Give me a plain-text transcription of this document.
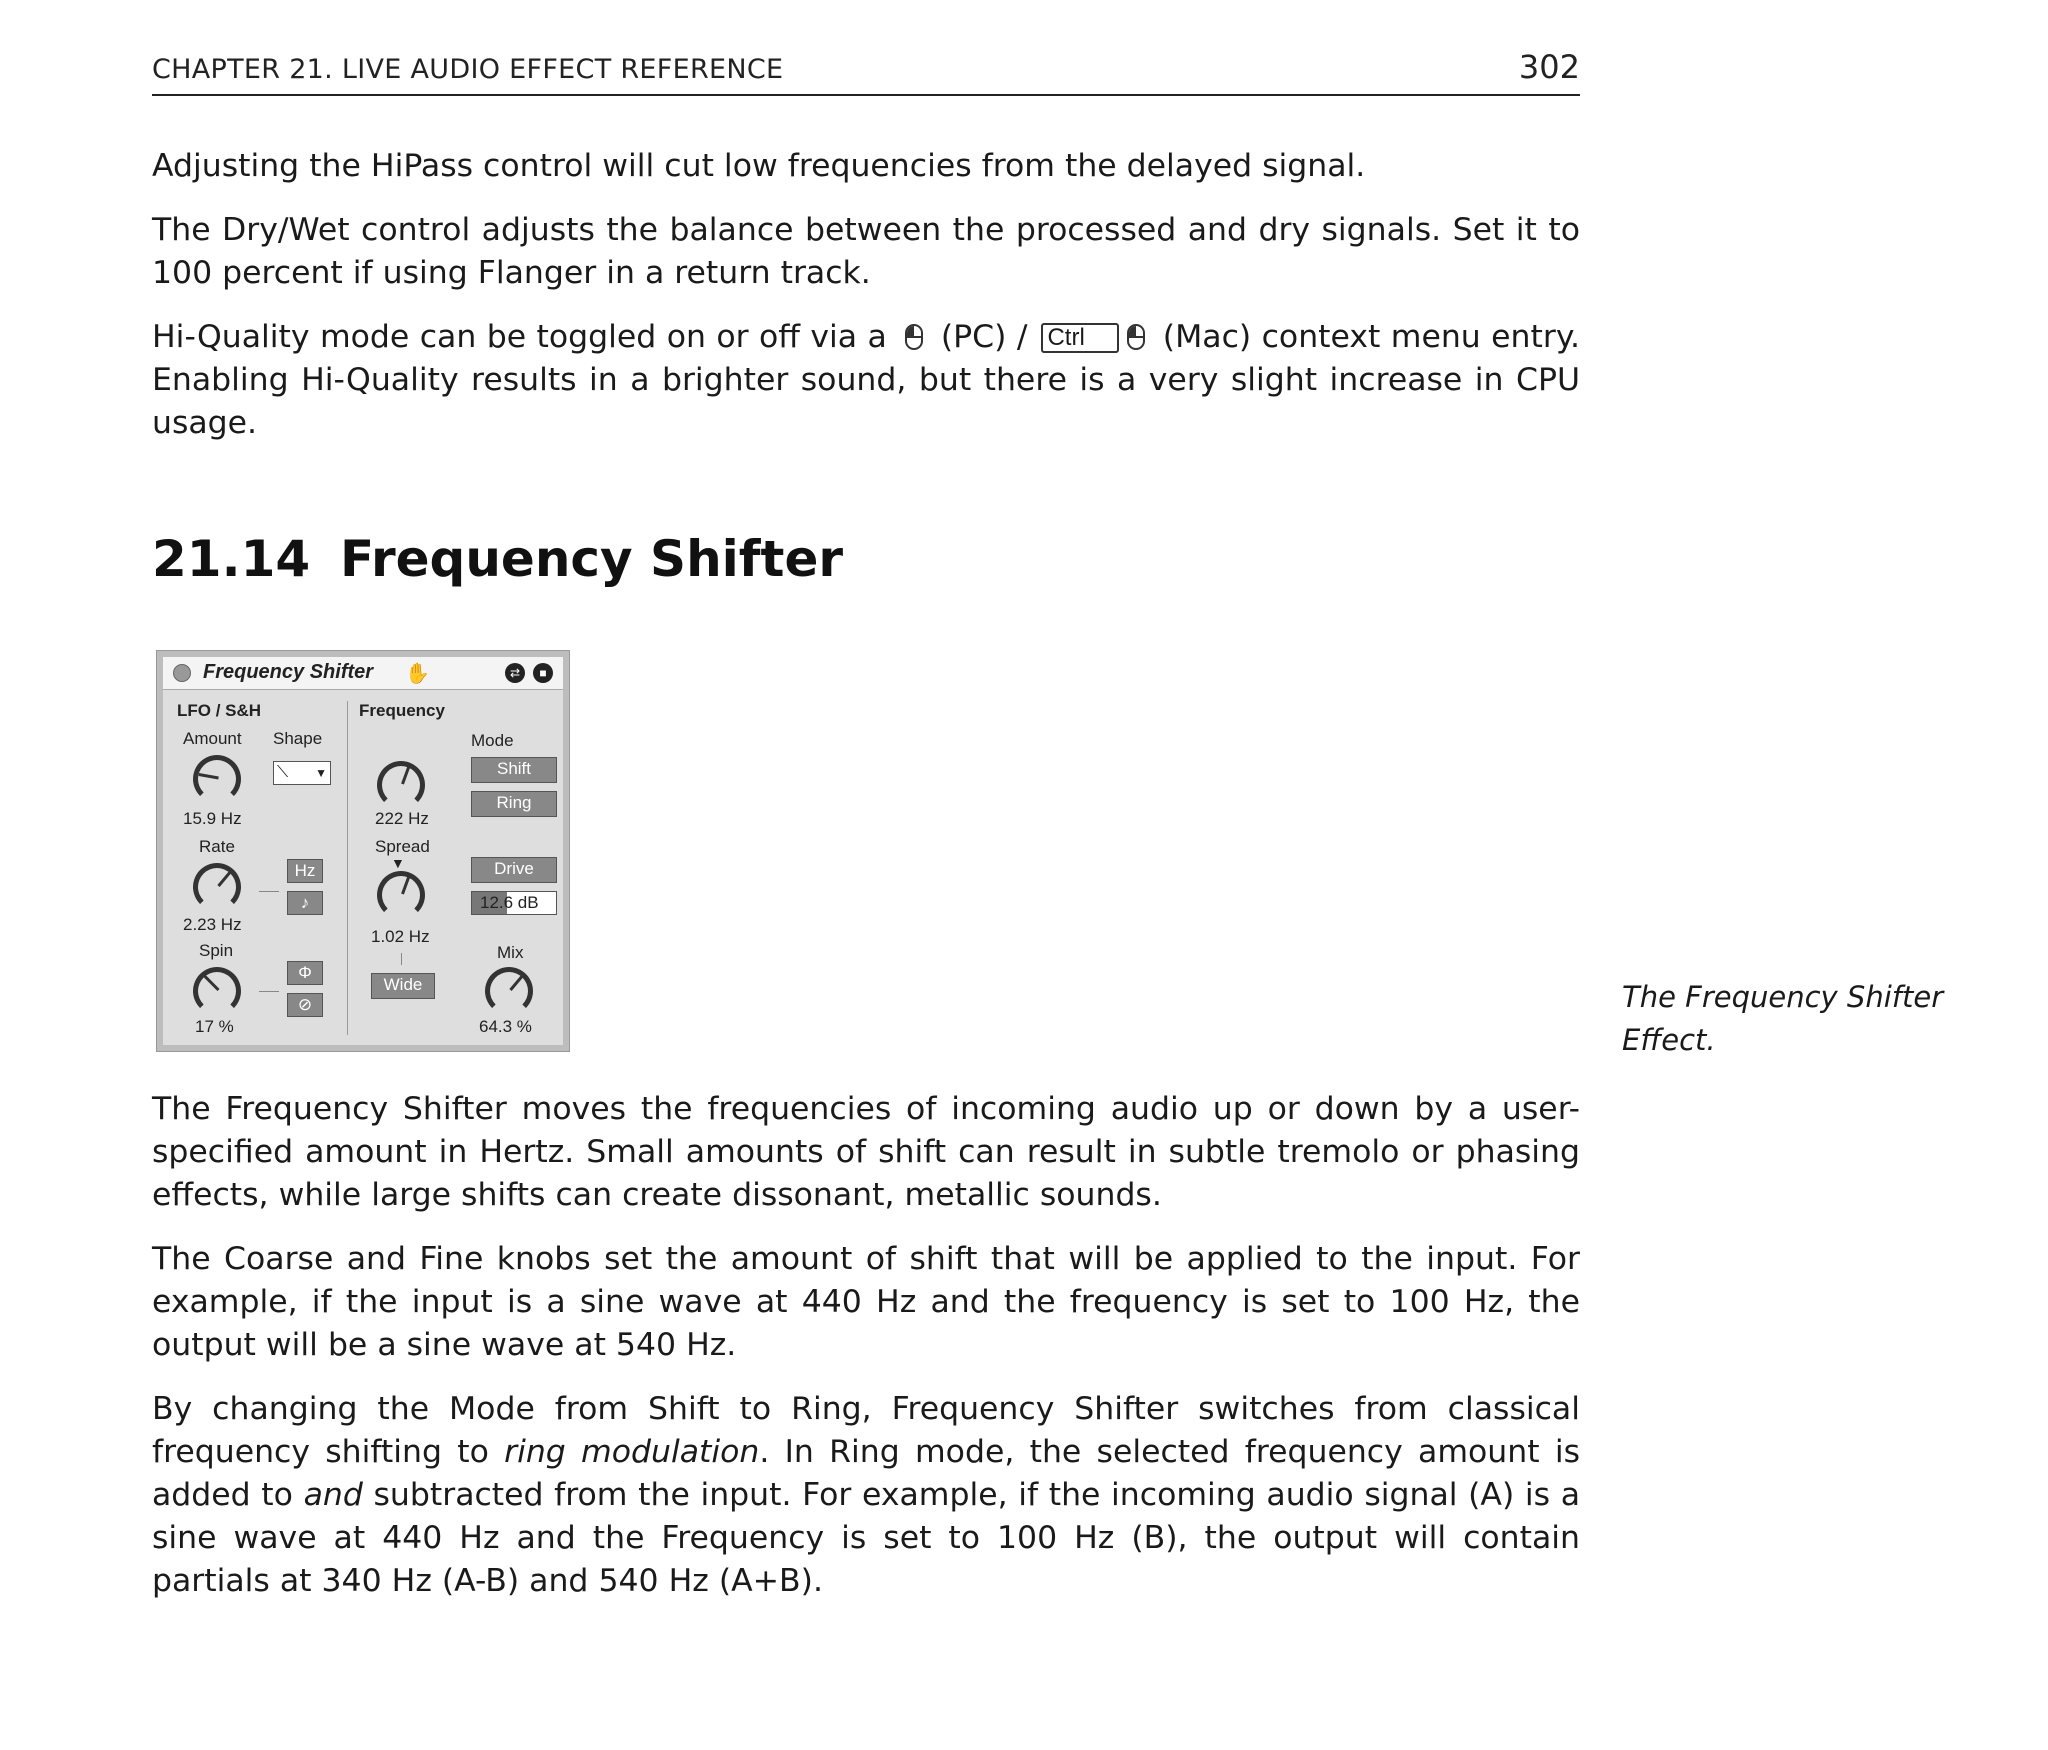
CHAPTER 21. LIVE AUDIO EFFECT REFERENCE	302

Adjusting the HiPass control will cut low frequencies from the delayed signal.

The Dry/Wet control adjusts the balance between the processed and dry signals. Set it to 100 percent if using Flanger in a return track.

Hi-Quality mode can be toggled on or off via a (PC) / Ctrl (Mac) context menu entry. Enabling Hi-Quality results in a brighter sound, but there is a very slight increase in CPU usage.

21.14 Frequency Shifter
Frequency Shifter ✋	⇄	■
LFO / S&H
Amount Shape
⟍ ▼
15.9 Hz
Rate
2.23 Hz
Hz
♪
Spin
17 %
Φ
⊘
Frequency
222 Hz
Spread
▼
1.02 Hz
Wide
Mode
Shift
Ring
Drive
12.6 dB
Mix
64.3 %
The Frequency Shifter Effect.

The Frequency Shifter moves the frequencies of incoming audio up or down by a user-specified amount in Hertz. Small amounts of shift can result in subtle tremolo or phasing effects, while large shifts can create dissonant, metallic sounds.

The Coarse and Fine knobs set the amount of shift that will be applied to the input. For example, if the input is a sine wave at 440 Hz and the frequency is set to 100 Hz, the output will be a sine wave at 540 Hz.

By changing the Mode from Shift to Ring, Frequency Shifter switches from classical frequency shifting to ring modulation. In Ring mode, the selected frequency amount is added to and subtracted from the input. For example, if the incoming audio signal (A) is a sine wave at 440 Hz and the Frequency is set to 100 Hz (B), the output will contain partials at 340 Hz (A-B) and 540 Hz (A+B).
